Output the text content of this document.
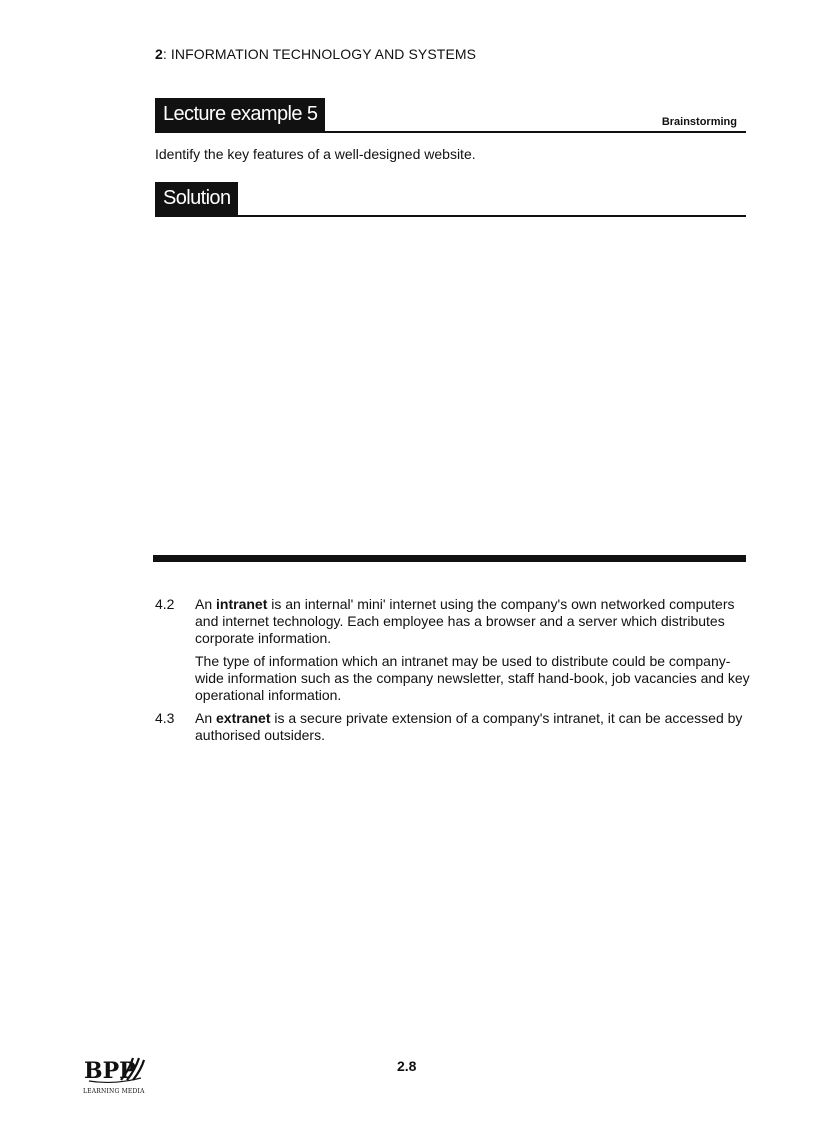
2: INFORMATION TECHNOLOGY AND SYSTEMS
Lecture example 5	Brainstorming
Identify the key features of a well-designed website.
Solution
4.2 An intranet is an internal' mini' internet using the company's own networked computers and internet technology. Each employee has a browser and a server which distributes corporate information.
The type of information which an intranet may be used to distribute could be company-wide information such as the company newsletter, staff hand-book, job vacancies and key operational information.
4.3 An extranet is a secure private extension of a company's intranet, it can be accessed by authorised outsiders.
BPP
LEARNING MEDIA
2.8
